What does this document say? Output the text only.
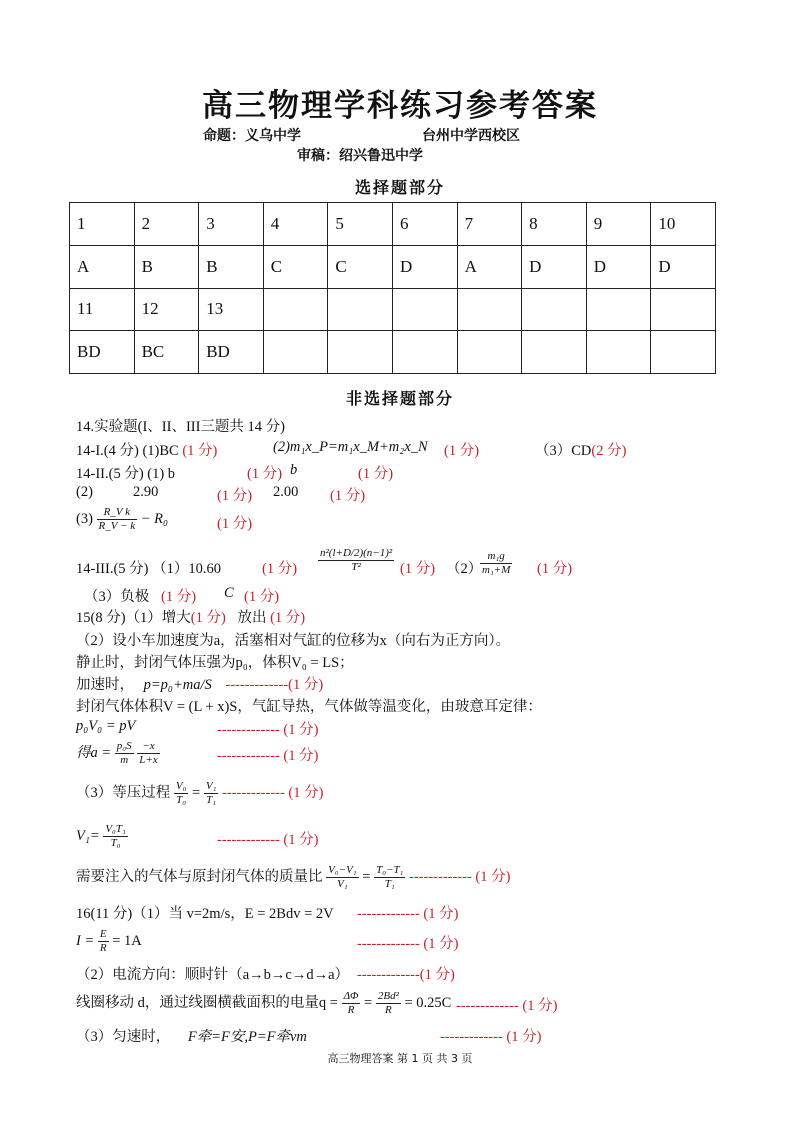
高三物理学科练习参考答案
命题：义乌中学	台州中学西校区
审稿：绍兴鲁迅中学
选择题部分
1	2	3	4	5	6	7	8	9	10
A	B	B	C	C	D	A	D	D	D
11	12	13							
BD	BC	BD							
非选择题部分
14.实验题(I、II、III三题共 14 分)
14-I.(4 分) (1)BC (1 分)	(2)m₁x_P=m₁x_M+m₂x_N (1 分)	（3）CD(2 分)
14-II.(5 分) (1) b	(1 分) b	(1 分)
(2)	2.90	(1 分) 2.00 (1 分)
$(3) \frac{\text{R\_V k}}{R\_V - k} - R_0$	(1 分)
14-III.(5 分) （1）10.60	(1 分) $\frac{\text{n²(l+D/2)(n−1)²}}{\text{T²}} (1$ 分) （2）
$\frac{\text{m₁g}}{\text{m₁+M}} (1$ 分)
（3）负极 (1 分) C (1 分)
15(8 分)（1）增大(1 分) 放出 (1 分)
（2）设小车加速度为a，活塞相对气缸的位移为x（向右为正方向）。
静止时，封闭气体压强为p₀，体积V₀ = LS；
加速时， p=p₀+ma/S -------------(1 分)
封闭气体体积V = (L + x)S，气缸导热，气体做等温变化，由玻意耳定律：
p₀V₀ = pV	------------- (1 分)
得$a = \frac{\text{p₀S}}{m}$
$\frac{-x}{L+x}$	------------- (1 分)
（3）等压过程 $\frac{\text{V₀}}{\text{T₀}} = \frac{\text{V₁}}{\text{T₁}}$ ------------- (1 分)
$V_1= \frac{\text{V₀T₁}}{\text{T₀}}$	------------- (1 分)
需要注入的气体与原封闭气体的质量比 $\frac{\text{V₀−V₁}}{\text{V₁}} = \frac{\text{T₀−T₁}}{\text{T₁}}$ ------------- (1 分)
16(11 分)（1）当 v=2m/s，E = 2Bdv = 2V ------------- (1 分)
$I = \frac{E}{R} = 1A$	------------- (1 分)
（2）电流方向：顺时针（a→b→c→d→a） -------------(1 分)
线圈移动 d，通过线圈横截面积的电量$q = \frac{\Delta\Phi}{R} = \frac{\text{2Bd²}}{R} = 0.25C$ ------------- (1 分)
（3）匀速时， F牵=F安,P=F牵vm	------------- (1 分)
高三物理答案 第 1 页 共 3 页
